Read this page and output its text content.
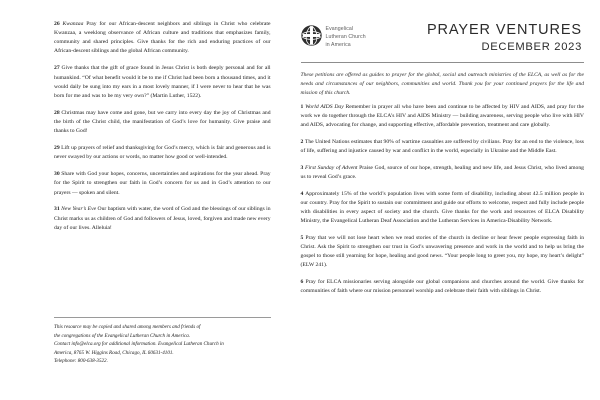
26 Kwanzaa Pray for our African-descent neighbors and siblings in Christ who celebrate Kwanzaa, a weeklong observance of African culture and traditions that emphasizes family, community and shared principles. Give thanks for the rich and enduring practices of our African-descent siblings and the global African community.
27 Give thanks that the gift of grace found in Jesus Christ is both deeply personal and for all humankind. “Of what benefit would it be to me if Christ had been born a thousand times, and it would daily be sung into my ears in a most lovely manner, if I were never to hear that he was born for me and was to be my very own?” (Martin Luther, 1522).
28 Christmas may have come and gone, but we carry into every day the joy of Christmas and the birth of the Christ child, the manifestation of God’s love for humanity. Give praise and thanks to God!
29 Lift up prayers of relief and thanksgiving for God’s mercy, which is fair and generous and is never swayed by our actions or words, no matter how good or well-intended.
30 Share with God your hopes, concerns, uncertainties and aspirations for the year ahead. Pray for the Spirit to strengthen our faith in God’s concern for us and in God’s attention to our prayers — spoken and silent.
31 New Year’s Eve Our baptism with water, the word of God and the blessings of our siblings in Christ marks us as children of God and followers of Jesus, loved, forgiven and made new every day of our lives. Alleluia!
This resource may be copied and shared among members and friends of
the congregations of the Evangelical Lutheran Church in America.
Contact info@elca.org for additional information. Evangelical Lutheran Church in
America, 8765 W. Higgins Road, Chicago, IL 60631-4101.
Telephone: 800-638-3522.
Evangelical
Lutheran Church
in America
PRAYER VENTURES
DECEMBER 2023
These petitions are offered as guides to prayer for the global, social and outreach ministries of the ELCA, as well as for the needs and circumstances of our neighbors, communities and world. Thank you for your continued prayers for the life and mission of this church.
1 World AIDS Day Remember in prayer all who have been and continue to be affected by HIV and AIDS, and pray for the work we do together through the ELCA’s HIV and AIDS Ministry — building awareness, serving people who live with HIV and AIDS, advocating for change, and supporting effective, affordable prevention, treatment and care globally.
2 The United Nations estimates that 90% of wartime casualties are suffered by civilians. Pray for an end to the violence, loss of life, suffering and injustice caused by war and conflict in the world, especially in Ukraine and the Middle East.
3 First Sunday of Advent Praise God, source of our hope, strength, healing and new life, and Jesus Christ, who lived among us to reveal God’s grace.
4 Approximately 15% of the world’s population lives with some form of disability, including about 42.5 million people in our country. Pray for the Spirit to sustain our commitment and guide our efforts to welcome, respect and fully include people with disabilities in every aspect of society and the church. Give thanks for the work and resources of ELCA Disability Ministry, the Evangelical Lutheran Deaf Association and the Lutheran Services in America-Disability Network.
5 Pray that we will not lose heart when we read stories of the church in decline or hear fewer people expressing faith in Christ. Ask the Spirit to strengthen our trust in God’s unwavering presence and work in the world and to help us bring the gospel to those still yearning for hope, healing and good news. “Your people long to greet you, my hope, my heart’s delight” (ELW 241).
6 Pray for ELCA missionaries serving alongside our global companions and churches around the world. Give thanks for communities of faith where our mission personnel worship and celebrate their faith with siblings in Christ.
